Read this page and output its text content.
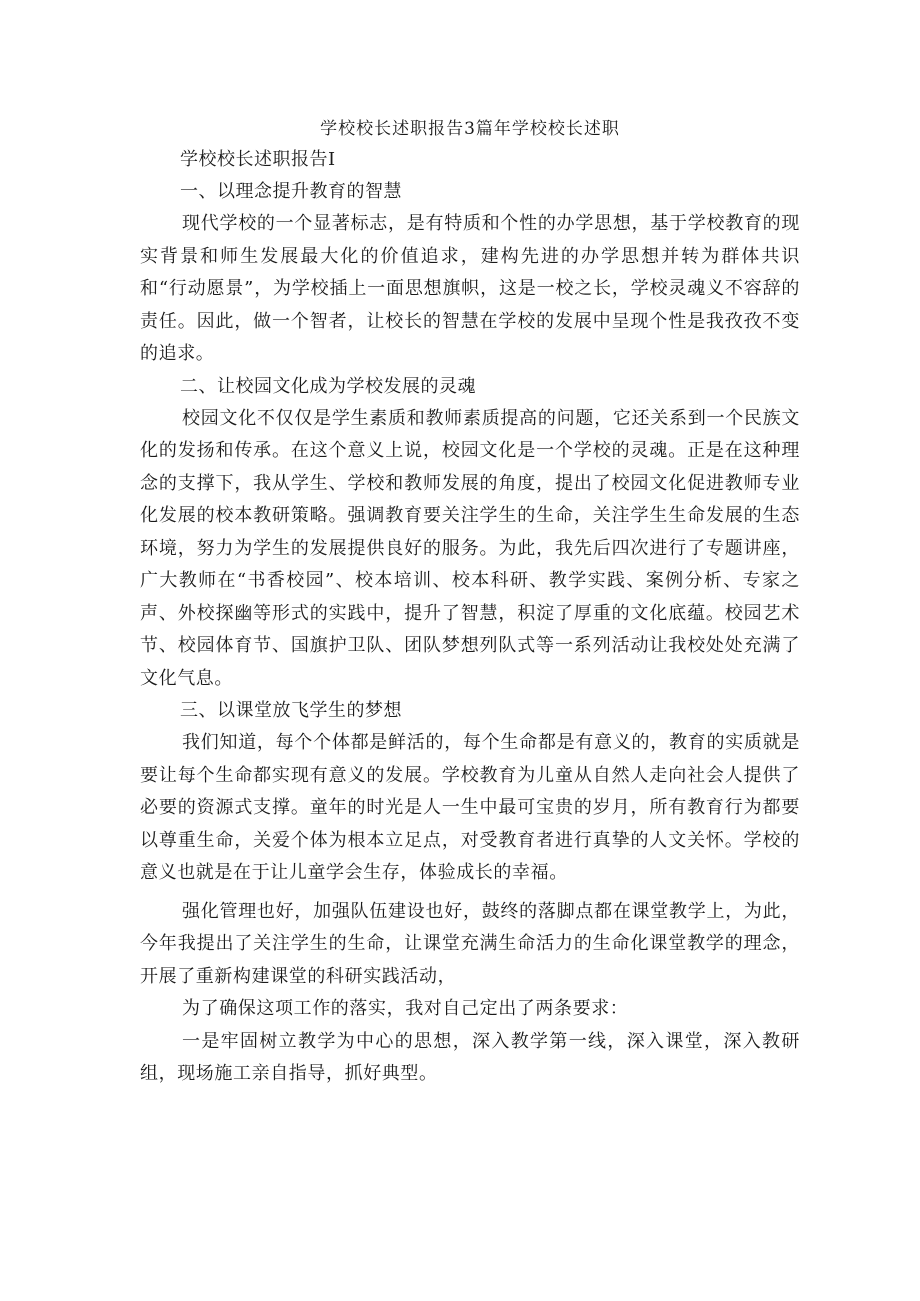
学校校长述职报告3篇年学校校长述职
学校校长述职报告Ⅰ
一、以理念提升教育的智慧

现代学校的一个显著标志，是有特质和个性的办学思想，基于学校教育的现实背景和师生发展最大化的价值追求，建构先进的办学思想并转为群体共识和“行动愿景”，为学校插上一面思想旗帜，这是一校之长，学校灵魂义不容辞的责任。因此，做一个智者，让校长的智慧在学校的发展中呈现个性是我孜孜不变的追求。

二、让校园文化成为学校发展的灵魂

校园文化不仅仅是学生素质和教师素质提高的问题，它还关系到一个民族文化的发扬和传承。在这个意义上说，校园文化是一个学校的灵魂。正是在这种理念的支撑下，我从学生、学校和教师发展的角度，提出了校园文化促进教师专业化发展的校本教研策略。强调教育要关注学生的生命，关注学生生命发展的生态环境，努力为学生的发展提供良好的服务。为此，我先后四次进行了专题讲座，广大教师在“书香校园”、校本培训、校本科研、教学实践、案例分析、专家之声、外校探幽等形式的实践中，提升了智慧，积淀了厚重的文化底蕴。校园艺术节、校园体育节、国旗护卫队、团队梦想列队式等一系列活动让我校处处充满了文化气息。

三、以课堂放飞学生的梦想

我们知道，每个个体都是鲜活的，每个生命都是有意义的，教育的实质就是要让每个生命都实现有意义的发展。学校教育为儿童从自然人走向社会人提供了必要的资源式支撑。童年的时光是人一生中最可宝贵的岁月，所有教育行为都要以尊重生命，关爱个体为根本立足点，对受教育者进行真挚的人文关怀。学校的意义也就是在于让儿童学会生存，体验成长的幸福。

强化管理也好，加强队伍建设也好，鼓终的落脚点都在课堂教学上，为此，今年我提出了关注学生的生命，让课堂充满生命活力的生命化课堂教学的理念，开展了重新构建课堂的科研实践活动，

为了确保这项工作的落实，我对自己定出了两条要求：

一是牢固树立教学为中心的思想，深入教学第一线，深入课堂，深入教研组，现场施工亲自指导，抓好典型。
